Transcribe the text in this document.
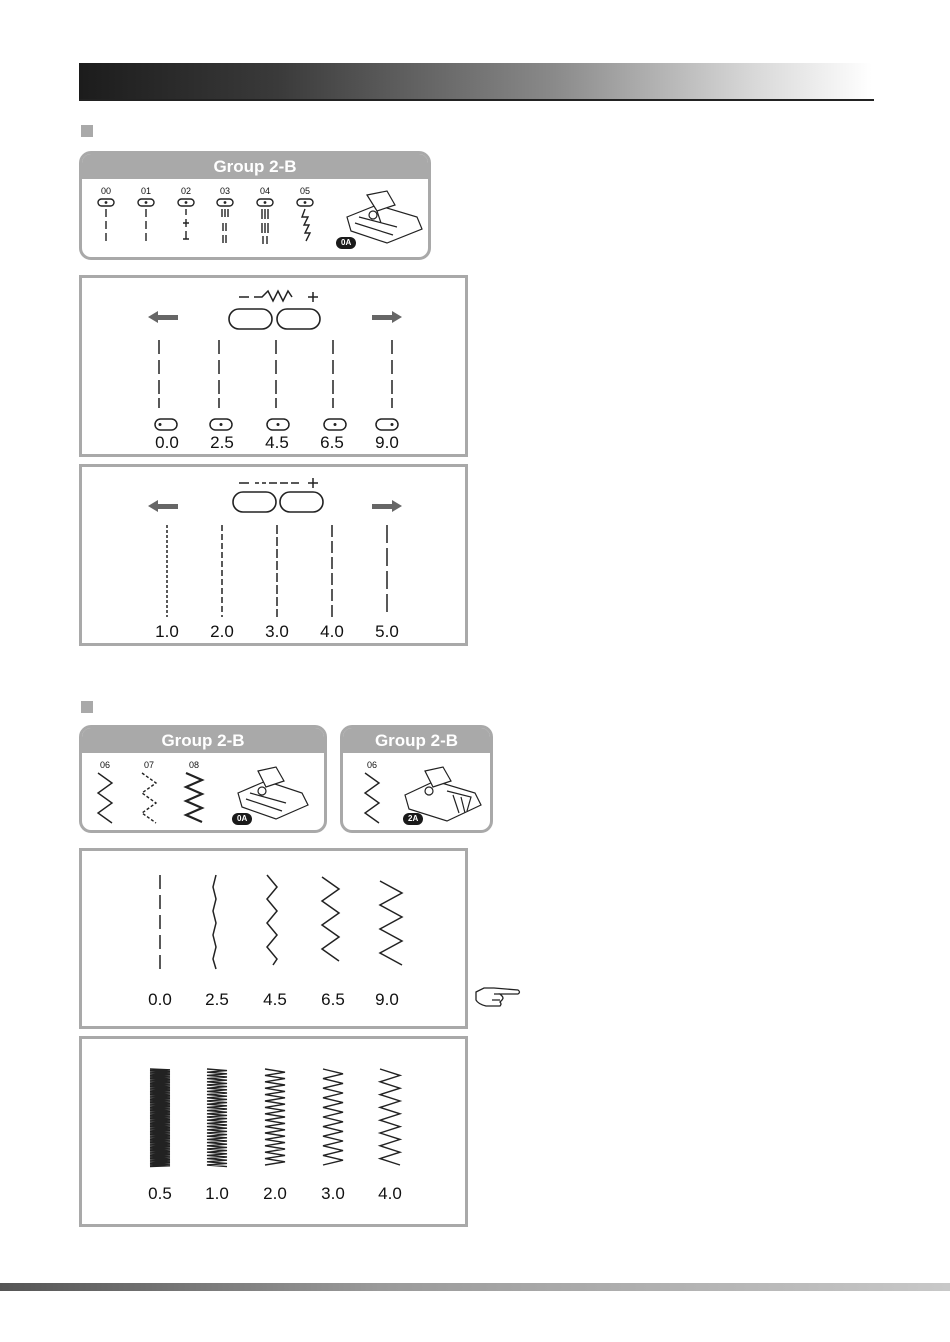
Group 2-B
00	01	02	03	04	05
0A
0.0 2.5 4.5 6.5 9.0
1.0 2.0 3.0 4.0 5.0
Group 2-B
06	07	08
0A
Group 2-B
06
2A
0.0 2.5 4.5 6.5 9.0
0.5 1.0 2.0 3.0 4.0
